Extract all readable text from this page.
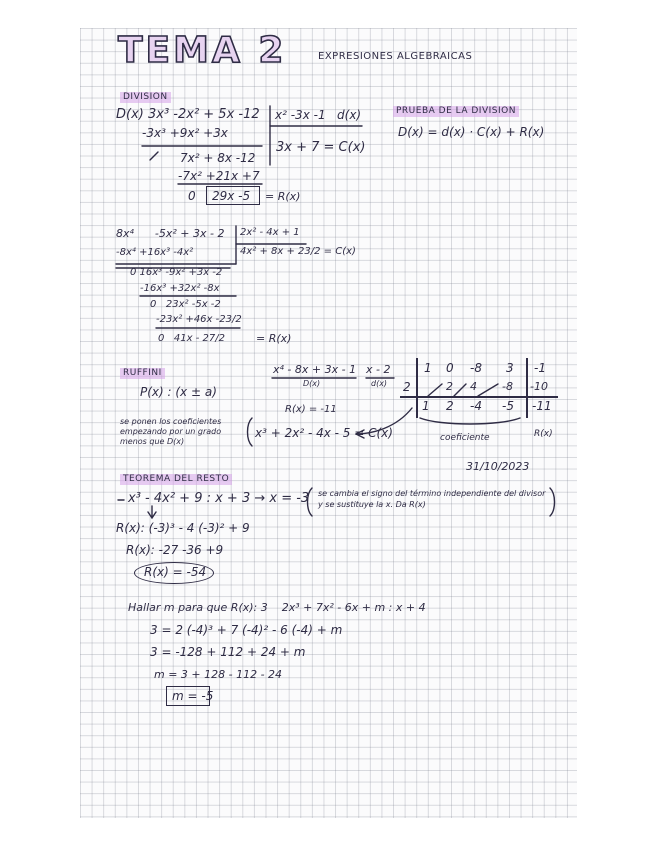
TEMA 2	EXPRESIONES ALGEBRAICAS
DIVISION
D(x) 3x³ -2x² + 5x -12 x² -3x -1   d(x)
-3x³ +9x² +3x
3x + 7 = C(x)
7x² + 8x -12
-7x² +21x +7
0 29x -5 = R(x)
8x⁴      -5x² + 3x - 2 2x² - 4x + 1
-8x⁴ +16x³ -4x²	4x² + 8x + 23/2 = C(x)
0 16x³ -9x² +3x -2
-16x³ +32x² -8x
0   23x² -5x -2
-23x² +46x -23/2
0   41x - 27/2	= R(x)
PRUEBA DE LA DIVISION
D(x) = d(x) · C(x) + R(x)
RUFFINI
P(x) : (x ± a)
x⁴ - 8x + 3x - 1
D(x)
x - 2
d(x)
R(x) = -11
1 0 -8 3 -1
2	2 4 -8 -10
1 2 -4 -5 -11
se ponen los coeficientes empezando por un grado menos que D(x)
x³ + 2x² - 4x - 5 = C(x)	coeficiente	R(x)
31/10/2023
TEOREMA DEL RESTO
x³ - 4x² + 9 : x + 3 → x = -3 se cambia el signo del término independiente del divisor y se sustituye la x. Da R(x)
R(x): (-3)³ - 4 (-3)² + 9
R(x): -27 -36 +9
R(x) = -54
Hallar m para que R(x): 3    2x³ + 7x² - 6x + m : x + 4
3 = 2 (-4)³ + 7 (-4)² - 6 (-4) + m
3 = -128 + 112 + 24 + m
m = 3 + 128 - 112 - 24
m = -5
